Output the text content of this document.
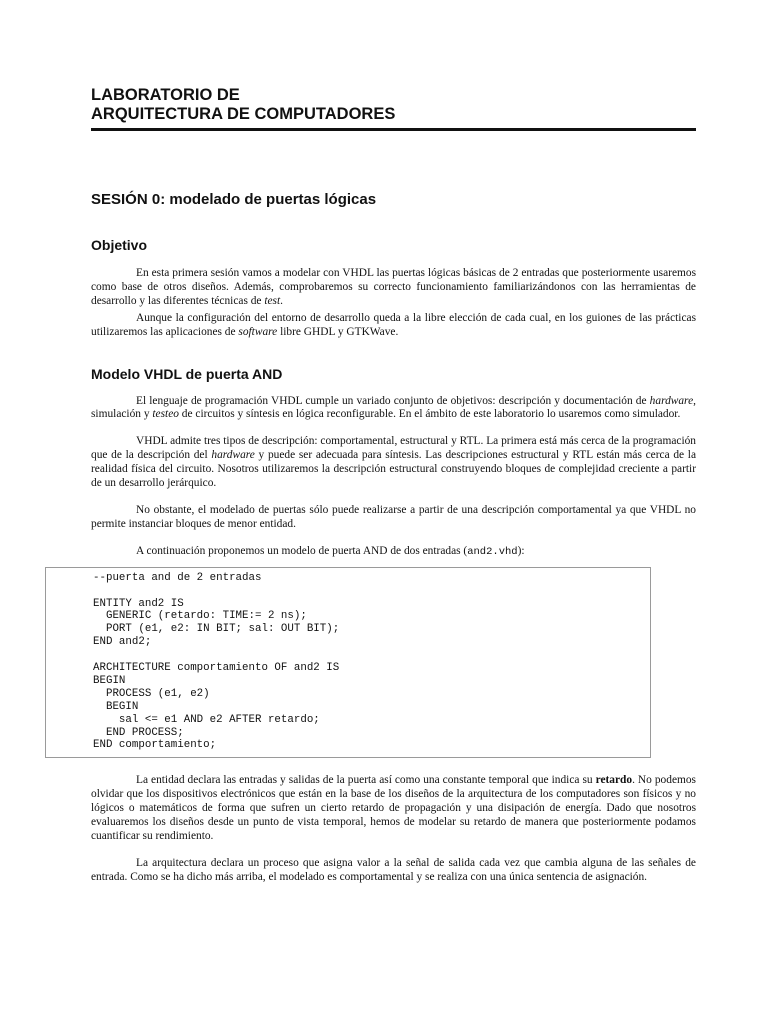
LABORATORIO DE
ARQUITECTURA DE COMPUTADORES
SESIÓN 0: modelado de puertas lógicas
Objetivo

En esta primera sesión vamos a modelar con VHDL las puertas lógicas básicas de 2 entradas que posteriormente usaremos como base de otros diseños. Además, comprobaremos su correcto funcionamiento familiarizándonos con las herramientas de desarrollo y las diferentes técnicas de test.

Aunque la configuración del entorno de desarrollo queda a la libre elección de cada cual, en los guiones de las prácticas utilizaremos las aplicaciones de software libre GHDL y GTKWave.

Modelo VHDL de puerta AND

El lenguaje de programación VHDL cumple un variado conjunto de objetivos: descripción y documentación de hardware, simulación y testeo de circuitos y síntesis en lógica reconfigurable. En el ámbito de este laboratorio lo usaremos como simulador.

VHDL admite tres tipos de descripción: comportamental, estructural y RTL. La primera está más cerca de la programación que de la descripción del hardware y puede ser adecuada para síntesis. Las descripciones estructural y RTL están más cerca de la realidad física del circuito. Nosotros utilizaremos la descripción estructural construyendo bloques de complejidad creciente a partir de un desarrollo jerárquico.

No obstante, el modelado de puertas sólo puede realizarse a partir de una descripción comportamental ya que VHDL no permite instanciar bloques de menor entidad.

A continuación proponemos un modelo de puerta AND de dos entradas (and2.vhd):

--puerta and de 2 entradas

ENTITY and2 IS
GENERIC (retardo: TIME:= 2 ns);
PORT (e1, e2: IN BIT; sal: OUT BIT);
END and2;

ARCHITECTURE comportamiento OF and2 IS
BEGIN
PROCESS (e1, e2)
BEGIN
sal <= e1 AND e2 AFTER retardo;
END PROCESS;
END comportamiento;

La entidad declara las entradas y salidas de la puerta así como una constante temporal que indica su retardo. No podemos olvidar que los dispositivos electrónicos que están en la base de los diseños de la arquitectura de los computadores son físicos y no lógicos o matemáticos de forma que sufren un cierto retardo de propagación y una disipación de energía. Dado que nosotros evaluaremos los diseños desde un punto de vista temporal, hemos de modelar su retardo de manera que posteriormente podamos cuantificar su rendimiento.

La arquitectura declara un proceso que asigna valor a la señal de salida cada vez que cambia alguna de las señales de entrada. Como se ha dicho más arriba, el modelado es comportamental y se realiza con una única sentencia de asignación.
